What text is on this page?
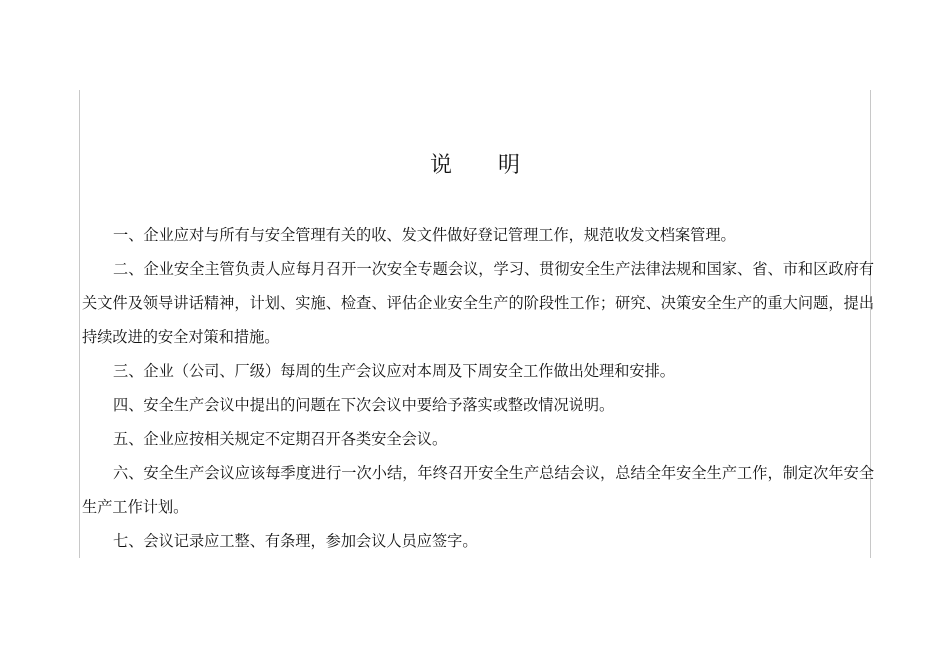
说 明

一、企业应对与所有与安全管理有关的收、发文件做好登记管理工作，规范收发文档案管理。

二、企业安全主管负责人应每月召开一次安全专题会议，学习、贯彻安全生产法律法规和国家、省、市和区政府有关文件及领导讲话精神，计划、实施、检查、评估企业安全生产的阶段性工作；研究、决策安全生产的重大问题，提出持续改进的安全对策和措施。

三、企业（公司、厂级）每周的生产会议应对本周及下周安全工作做出处理和安排。

四、安全生产会议中提出的问题在下次会议中要给予落实或整改情况说明。

五、企业应按相关规定不定期召开各类安全会议。

六、安全生产会议应该每季度进行一次小结，年终召开安全生产总结会议，总结全年安全生产工作，制定次年安全生产工作计划。

七、会议记录应工整、有条理，参加会议人员应签字。
